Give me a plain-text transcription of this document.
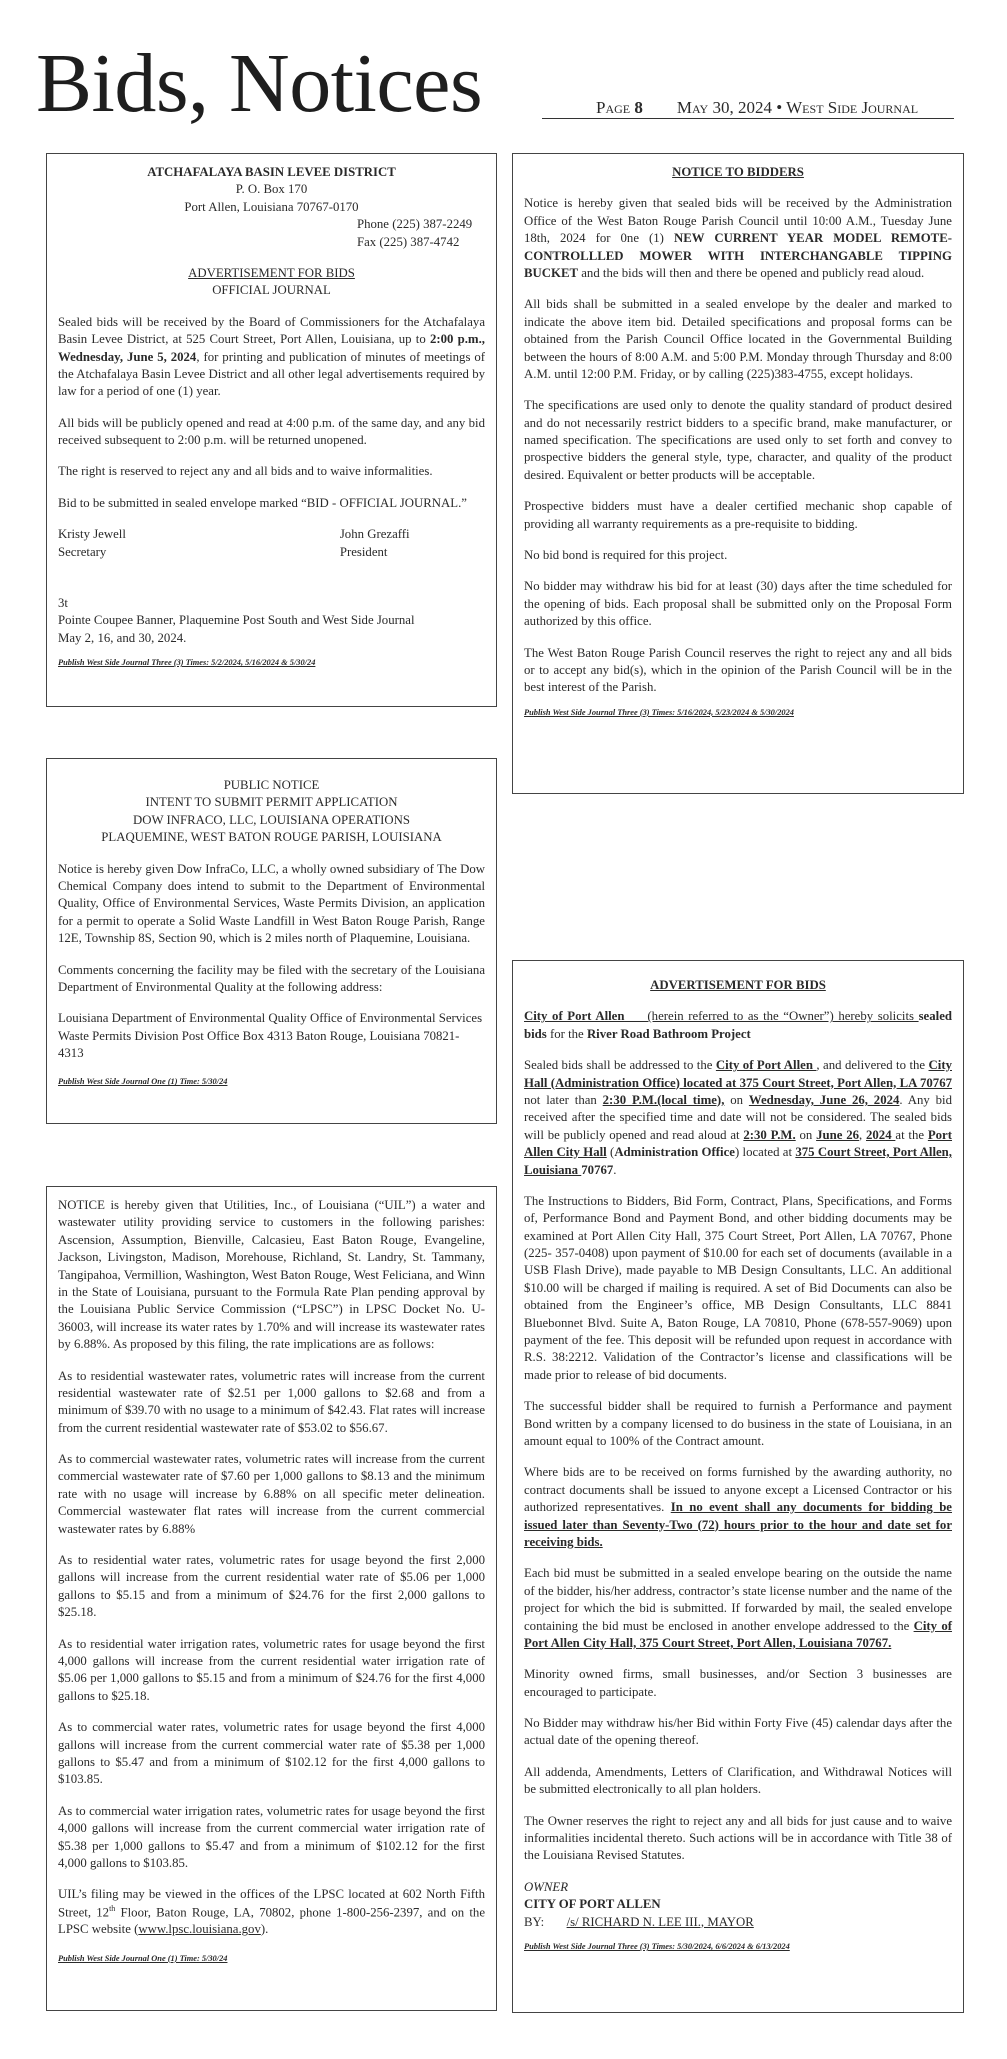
Bids, Notices	Page 8 May 30, 2024 • West Side Journal
ATCHAFALAYA BASIN LEVEE DISTRICT
P. O. Box 170
Port Allen, Louisiana 70767-0170
Phone (225) 387-2249
Fax (225) 387-4742
ADVERTISEMENT FOR BIDS
OFFICIAL JOURNAL

Sealed bids will be received by the Board of Commissioners for the Atchafalaya Basin Levee District, at 525 Court Street, Port Allen, Louisiana, up to 2:00 p.m., Wednesday, June 5, 2024, for printing and publication of minutes of meetings of the Atchafalaya Basin Levee District and all other legal advertisements required by law for a period of one (1) year.

All bids will be publicly opened and read at 4:00 p.m. of the same day, and any bid received subsequent to 2:00 p.m. will be returned unopened.

The right is reserved to reject any and all bids and to waive informalities.

Bid to be submitted in sealed envelope marked “BID - OFFICIAL JOURNAL.”

Kristy Jewell
Secretary
John Grezaffi
President
3t
Pointe Coupee Banner, Plaquemine Post South and West Side Journal
May 2, 16, and 30, 2024.
Publish West Side Journal Three (3) Times: 5/2/2024, 5/16/2024 & 5/30/24
NOTICE TO BIDDERS

Notice is hereby given that sealed bids will be received by the Administration Office of the West Baton Rouge Parish Council until 10:00 A.M., Tuesday June 18th, 2024 for 0ne (1) NEW CURRENT YEAR MODEL REMOTE-CONTROLLLED MOWER WITH INTERCHANGABLE TIPPING BUCKET and the bids will then and there be opened and publicly read aloud.

All bids shall be submitted in a sealed envelope by the dealer and marked to indicate the above item bid. Detailed specifications and proposal forms can be obtained from the Parish Council Office located in the Governmental Building between the hours of 8:00 A.M. and 5:00 P.M. Monday through Thursday and 8:00 A.M. until 12:00 P.M. Friday, or by calling (225)383-4755, except holidays.

The specifications are used only to denote the quality standard of product desired and do not necessarily restrict bidders to a specific brand, make manufacturer, or named specification. The specifications are used only to set forth and convey to prospective bidders the general style, type, character, and quality of the product desired. Equivalent or better products will be acceptable.

Prospective bidders must have a dealer certified mechanic shop capable of providing all warranty requirements as a pre-requisite to bidding.

No bid bond is required for this project.

No bidder may withdraw his bid for at least (30) days after the time scheduled for the opening of bids. Each proposal shall be submitted only on the Proposal Form authorized by this office.

The West Baton Rouge Parish Council reserves the right to reject any and all bids or to accept any bid(s), which in the opinion of the Parish Council will be in the best interest of the Parish.

Publish West Side Journal Three (3) Times: 5/16/2024, 5/23/2024 & 5/30/2024
PUBLIC NOTICE
INTENT TO SUBMIT PERMIT APPLICATION
DOW INFRACO, LLC, LOUISIANA OPERATIONS
PLAQUEMINE, WEST BATON ROUGE PARISH, LOUISIANA

Notice is hereby given Dow InfraCo, LLC, a wholly owned subsidiary of The Dow Chemical Company does intend to submit to the Department of Environmental Quality, Office of Environmental Services, Waste Permits Division, an application for a permit to operate a Solid Waste Landfill in West Baton Rouge Parish, Range 12E, Township 8S, Section 90, which is 2 miles north of Plaquemine, Louisiana.

Comments concerning the facility may be filed with the secretary of the Louisiana Department of Environmental Quality at the following address:

Louisiana Department of Environmental Quality Office of Environmental Services Waste Permits Division Post Office Box 4313 Baton Rouge, Louisiana 70821-4313

Publish West Side Journal One (1) Time: 5/30/24

NOTICE is hereby given that Utilities, Inc., of Louisiana (“UIL”) a water and wastewater utility providing service to customers in the following parishes: Ascension, Assumption, Bienville, Calcasieu, East Baton Rouge, Evangeline, Jackson, Livingston, Madison, Morehouse, Richland, St. Landry, St. Tammany, Tangipahoa, Vermillion, Washington, West Baton Rouge, West Feliciana, and Winn in the State of Louisiana, pursuant to the Formula Rate Plan pending approval by the Louisiana Public Service Commission (“LPSC”) in LPSC Docket No. U-36003, will increase its water rates by 1.70% and will increase its wastewater rates by 6.88%. As proposed by this filing, the rate implications are as follows:

As to residential wastewater rates, volumetric rates will increase from the current residential wastewater rate of $2.51 per 1,000 gallons to $2.68 and from a minimum of $39.70 with no usage to a minimum of $42.43. Flat rates will increase from the current residential wastewater rate of $53.02 to $56.67.

As to commercial wastewater rates, volumetric rates will increase from the current commercial wastewater rate of $7.60 per 1,000 gallons to $8.13 and the minimum rate with no usage will increase by 6.88% on all specific meter delineation. Commercial wastewater flat rates will increase from the current commercial wastewater rates by 6.88%

As to residential water rates, volumetric rates for usage beyond the first 2,000 gallons will increase from the current residential water rate of $5.06 per 1,000 gallons to $5.15 and from a minimum of $24.76 for the first 2,000 gallons to $25.18.

As to residential water irrigation rates, volumetric rates for usage beyond the first 4,000 gallons will increase from the current residential water irrigation rate of $5.06 per 1,000 gallons to $5.15 and from a minimum of $24.76 for the first 4,000 gallons to $25.18.

As to commercial water rates, volumetric rates for usage beyond the first 4,000 gallons will increase from the current commercial water rate of $5.38 per 1,000 gallons to $5.47 and from a minimum of $102.12 for the first 4,000 gallons to $103.85.

As to commercial water irrigation rates, volumetric rates for usage beyond the first 4,000 gallons will increase from the current commercial water irrigation rate of $5.38 per 1,000 gallons to $5.47 and from a minimum of $102.12 for the first 4,000 gallons to $103.85.

UIL’s filing may be viewed in the offices of the LPSC located at 602 North Fifth Street, 12th Floor, Baton Rouge, LA, 70802, phone 1-800-256-2397, and on the LPSC website (www.lpsc.louisiana.gov).

Publish West Side Journal One (1) Time: 5/30/24
ADVERTISEMENT FOR BIDS

City of Port Allen     (herein referred to as the “Owner”) hereby solicits sealed bids for the River Road Bathroom Project

Sealed bids shall be addressed to the City of Port Allen , and delivered to the City Hall (Administration Office) located at 375 Court Street, Port Allen, LA 70767 not later than 2:30 P.M.(local time), on Wednesday, June 26, 2024. Any bid received after the specified time and date will not be considered. The sealed bids will be publicly opened and read aloud at 2:30 P.M. on June 26, 2024 at the Port Allen City Hall (Administration Office) located at 375 Court Street, Port Allen, Louisiana 70767.

The Instructions to Bidders, Bid Form, Contract, Plans, Specifications, and Forms of, Performance Bond and Payment Bond, and other bidding documents may be examined at Port Allen City Hall, 375 Court Street, Port Allen, LA 70767, Phone (225- 357-0408) upon payment of $10.00 for each set of documents (available in a USB Flash Drive), made payable to MB Design Consultants, LLC. An additional $10.00 will be charged if mailing is required. A set of Bid Documents can also be obtained from the Engineer’s office, MB Design Consultants, LLC 8841 Bluebonnet Blvd. Suite A, Baton Rouge, LA 70810, Phone (678-557-9069) upon payment of the fee. This deposit will be refunded upon request in accordance with R.S. 38:2212. Validation of the Contractor’s license and classifications will be made prior to release of bid documents.

The successful bidder shall be required to furnish a Performance and payment Bond written by a company licensed to do business in the state of Louisiana, in an amount equal to 100% of the Contract amount.

Where bids are to be received on forms furnished by the awarding authority, no contract documents shall be issued to anyone except a Licensed Contractor or his authorized representatives. In no event shall any documents for bidding be issued later than Seventy-Two (72) hours prior to the hour and date set for receiving bids.

Each bid must be submitted in a sealed envelope bearing on the outside the name of the bidder, his/her address, contractor’s state license number and the name of the project for which the bid is submitted. If forwarded by mail, the sealed envelope containing the bid must be enclosed in another envelope addressed to the City of Port Allen City Hall, 375 Court Street, Port Allen, Louisiana 70767.

Minority owned firms, small businesses, and/or Section 3 businesses are encouraged to participate.

No Bidder may withdraw his/her Bid within Forty Five (45) calendar days after the actual date of the opening thereof.

All addenda, Amendments, Letters of Clarification, and Withdrawal Notices will be submitted electronically to all plan holders.

The Owner reserves the right to reject any and all bids for just cause and to waive informalities incidental thereto. Such actions will be in accordance with Title 38 of the Louisiana Revised Statutes.

OWNER
CITY OF PORT ALLEN
BY: /s/ RICHARD N. LEE III., MAYOR
Publish West Side Journal Three (3) Times: 5/30/2024, 6/6/2024 & 6/13/2024
